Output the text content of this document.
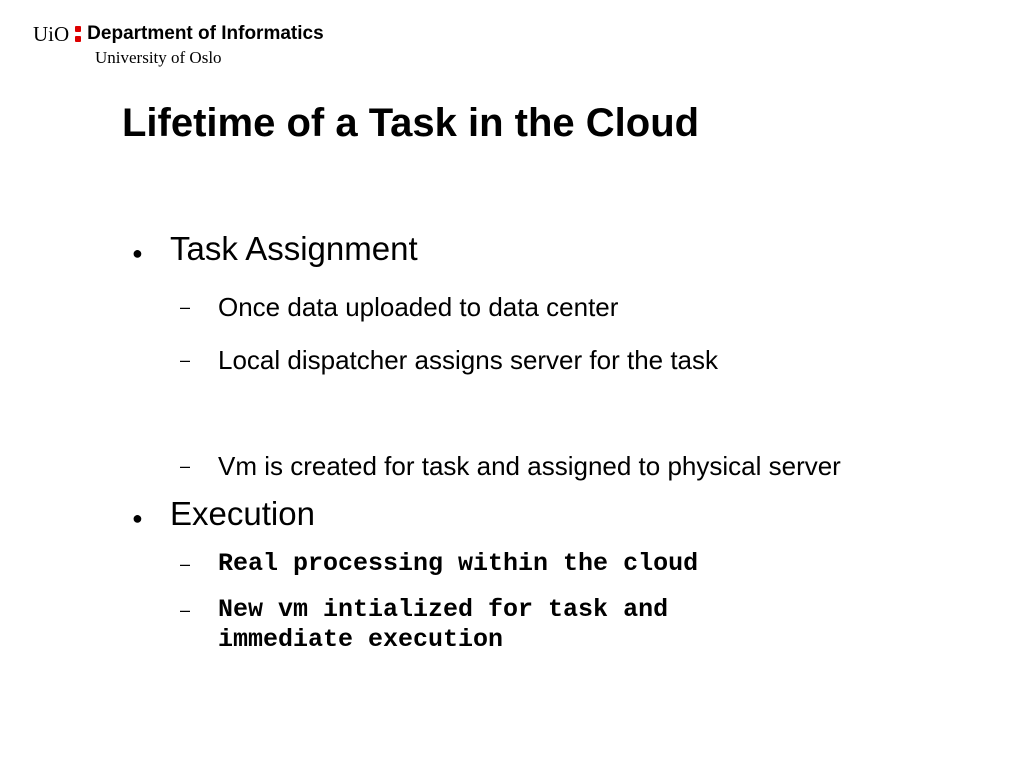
UiO Department of Informatics
University of Oslo
Lifetime of a Task in the Cloud
● Task Assignment
–	Once data uploaded to data center
–	Local dispatcher assigns server for the task
–	Vm is created for task and assigned to physical server
● Execution
–	Real processing within the cloud
–	New vm intialized for task and immediate execution
